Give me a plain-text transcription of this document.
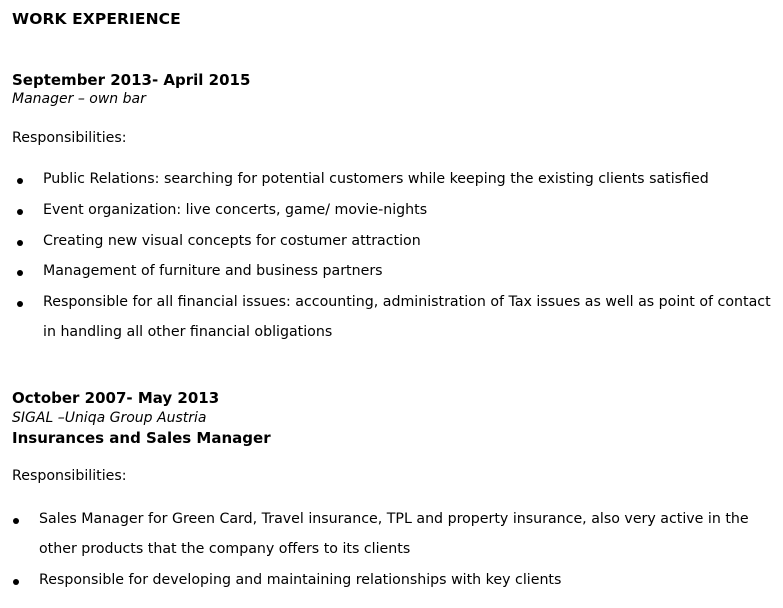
WORK EXPERIENCE
September 2013- April 2015
Manager – own bar
Responsibilities:
Public Relations: searching for potential customers while keeping the existing clients satisfied
Event organization: live concerts, game/ movie-nights
Creating new visual concepts for costumer attraction
Management of furniture and business partners
Responsible for all financial issues: accounting, administration of Tax issues as well as point of contact in handling all other financial obligations
October 2007- May 2013
SIGAL –Uniqa Group Austria
Insurances and Sales Manager
Responsibilities:
Sales Manager for Green Card, Travel insurance, TPL and property insurance, also very active in the other products that the company offers to its clients
Responsible for developing and maintaining relationships with key clients
